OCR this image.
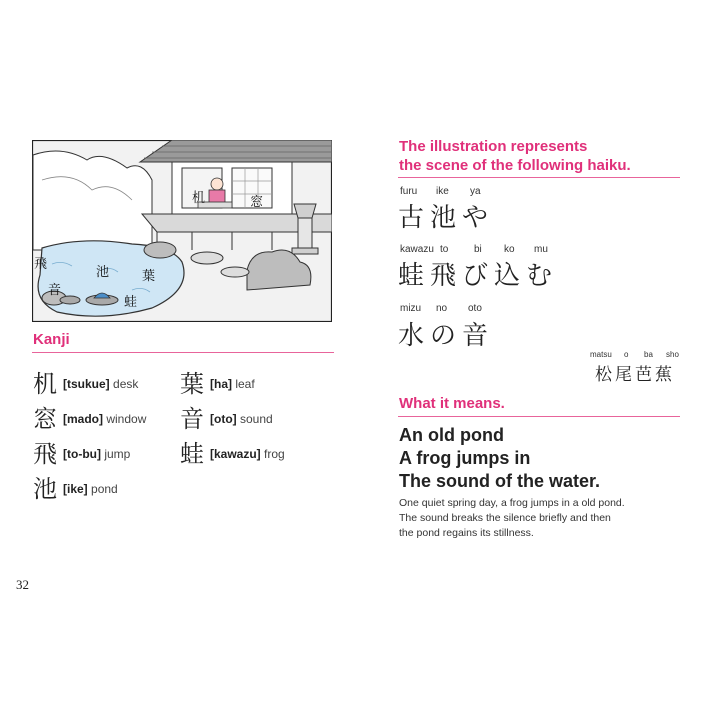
机	窓
飛
池	葉
音
蛙
Kanji
机 [tsukue] desk
窓 [mado] window
飛 [to-bu] jump
池 [ike] pond
葉 [ha] leaf
音 [oto] sound
蛙 [kawazu] frog
32
The illustration represents
the scene of the following haiku.
furu ike ya
古池や
kawazu to	bi ko mu
蛙飛び込む
mizu no oto
水の音
matsu o ba sho
松尾芭蕉
What it means.
An old pond
A frog jumps in
The sound of the water.
One quiet spring day, a frog jumps in a old pond.
The sound breaks the silence briefly and then
the pond regains its stillness.
